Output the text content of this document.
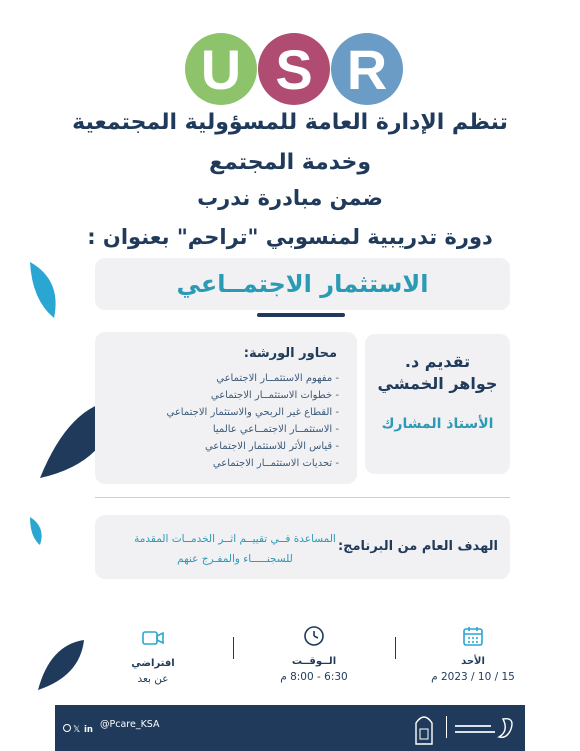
U S R
تنظم الإدارة العامة للمسؤولية المجتمعية
وخدمة المجتمع
ضمن مبادرة ندرب
دورة تدريبية لمنسوبي "تراحم" بعنوان :
الاستثمار الاجتمــاعي
محاور الورشة:
- مفهوم الاستثمــار الاجتماعي
- خطوات الاستثمــار الاجتماعي
- القطاع غير الربحي والاستثمار الاجتماعي
- الاستثمــار الاجتمــاعي عالميا
- قياس الأثر للاستثمار الاجتماعي
- تحديات الاستثمــار الاجتماعي
تقديم د.
جواهر الخمشي
الأستاذ المشارك
الهدف العام من البرنامج:
المساعدة فــي تقييــم اثــر الخدمــات المقدمة للسجنـــــاء والمفـرج عنهم
الأحد
15 / 10 / 2023 م
الــوقــت
6:30 - 8:00 م
افتراضي
عن بعد
𝕏 in @Pcare_KSA
